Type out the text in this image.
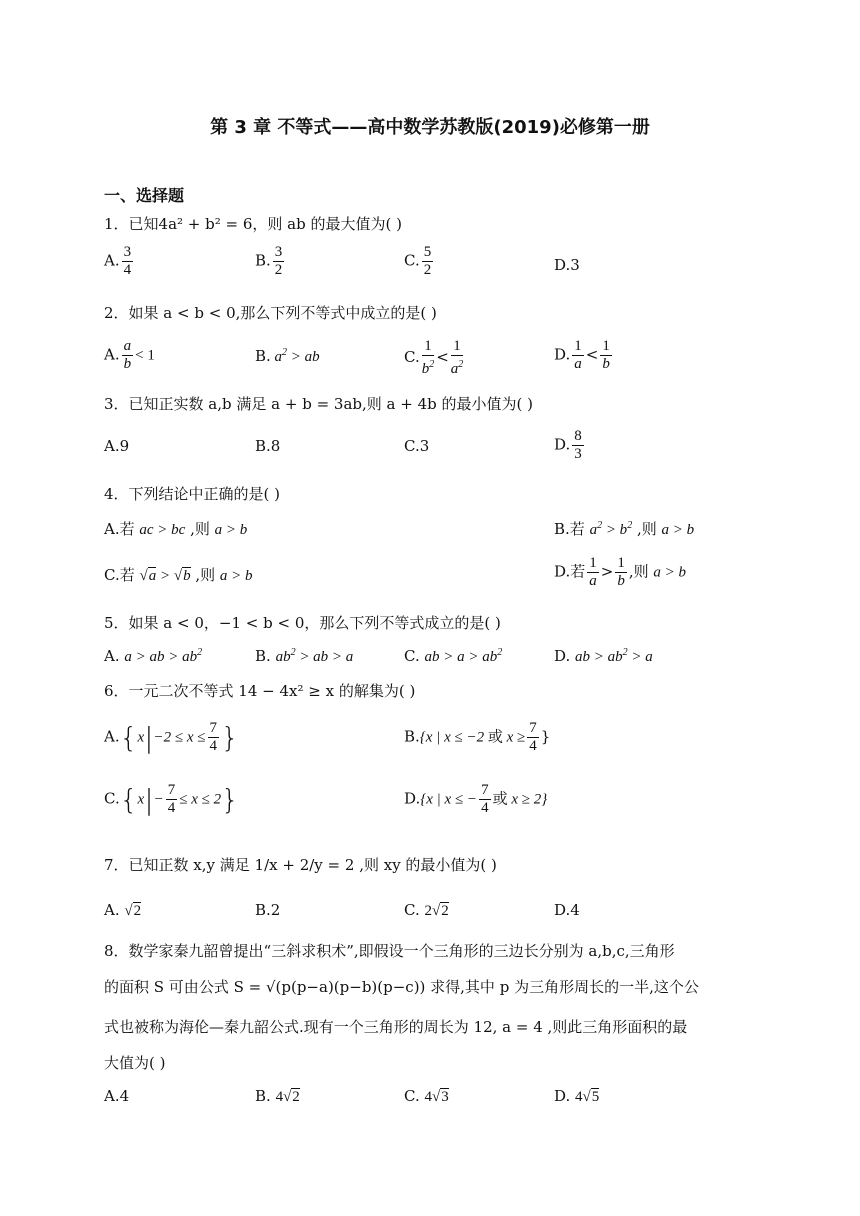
第 3 章 不等式——高中数学苏教版(2019)必修第一册
一、选择题
1．已知4a² + b² = 6，则 ab 的最大值为( )
A. $\frac{3}{4}$	B. $\frac{3}{2}$	C. $\frac{5}{2}$	D.3
2．如果 a < b < 0,那么下列不等式中成立的是( )
A. $\frac{a}{b} < 1$	B. $a^2$ > ab	C. $\frac{1}{b^2} < \frac{1}{a^2}$	D. $\frac{1}{a} < \frac{1}{b}$
3．已知正实数 a,b 满足 a + b = 3ab,则 a + 4b 的最小值为( )
A.9	B.8	C.3	D. $\frac{8}{3}$
4．下列结论中正确的是( )
A.若 ac > bc ,则 a > b	B.若 $a^2 > b^2$ ,则 a > b
C.若 √a > √b ,则 a > b	D.若 $\frac{1}{a} > \frac{1}{b}$ ,则 a > b
5．如果 a < 0，−1 < b < 0，那么下列不等式成立的是( )
A. a > ab > $ab^2$	B. $ab^2$ > ab > a	C. ab > $a > ab^2$	D. ab > $ab^2 > a$
6．一元二次不等式 14 − 4x² ≥ x 的解集为( )
$A.\{x|-2 \le x \le \frac{7}{4}$ }	B.{x | x ≤ −2 或 $x \ge \frac{7}{4}$ }
$C.\{x|- \frac{7}{4} \le x \le 2\}$	D.{x | x ≤ − $\frac{7}{4}$ 或 x ≥ 2}
7．已知正数 x,y 满足 1/x + 2/y = 2 ,则 xy 的最小值为( )
A. √2	B.2	C. 2√2	D.4
8．数学家秦九韶曾提出“三斜求积术”,即假设一个三角形的三边长分别为 a,b,c,三角形
的面积 S 可由公式 S = √(p(p−a)(p−b)(p−c)) 求得,其中 p 为三角形周长的一半,这个公
式也被称为海伦—秦九韶公式.现有一个三角形的周长为 12, a = 4 ,则此三角形面积的最
大值为( )
A.4	B. 4√2	C. 4√3	D. 4√5
